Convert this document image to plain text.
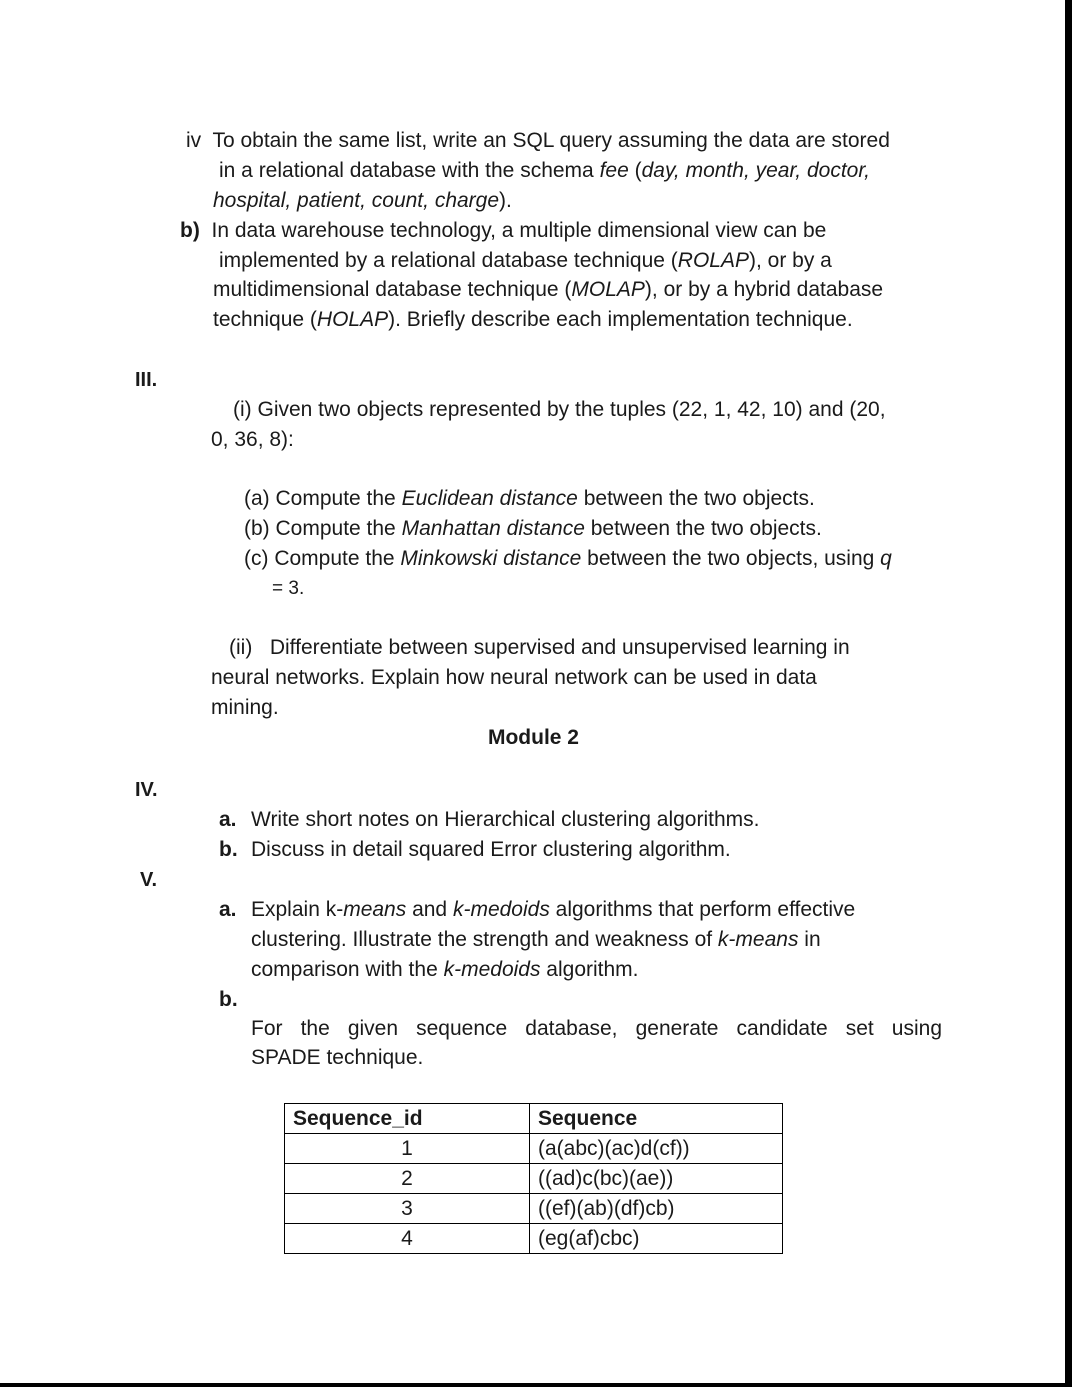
iv To obtain the same list, write an SQL query assuming the data are stored
in a relational database with the schema fee (day, month, year, doctor,
hospital, patient, count, charge).
b) In data warehouse technology, a multiple dimensional view can be
implemented by a relational database technique (ROLAP), or by a
multidimensional database technique (MOLAP), or by a hybrid database
technique (HOLAP). Briefly describe each implementation technique.
III.
(i) Given two objects represented by the tuples (22, 1, 42, 10) and (20,
0, 36, 8):
(a) Compute the Euclidean distance between the two objects.
(b) Compute the Manhattan distance between the two objects.
(c) Compute the Minkowski distance between the two objects, using q
= 3.
(ii)   Differentiate between supervised and unsupervised learning in
neural networks. Explain how neural network can be used in data
mining.
Module 2
IV.
a. Write short notes on Hierarchical clustering algorithms.
b. Discuss in detail squared Error clustering algorithm.
V.
a. Explain k-means and k-medoids algorithms that perform effective
clustering. Illustrate the strength and weakness of k-means in
comparison with the k-medoids algorithm.
b.
For the given sequence database, generate candidate set using
SPADE technique.
Sequence_id	Sequence
1	(a(abc)(ac)d(cf))
2	((ad)c(bc)(ae))
3	((ef)(ab)(df)cb)
4	(eg(af)cbc)
